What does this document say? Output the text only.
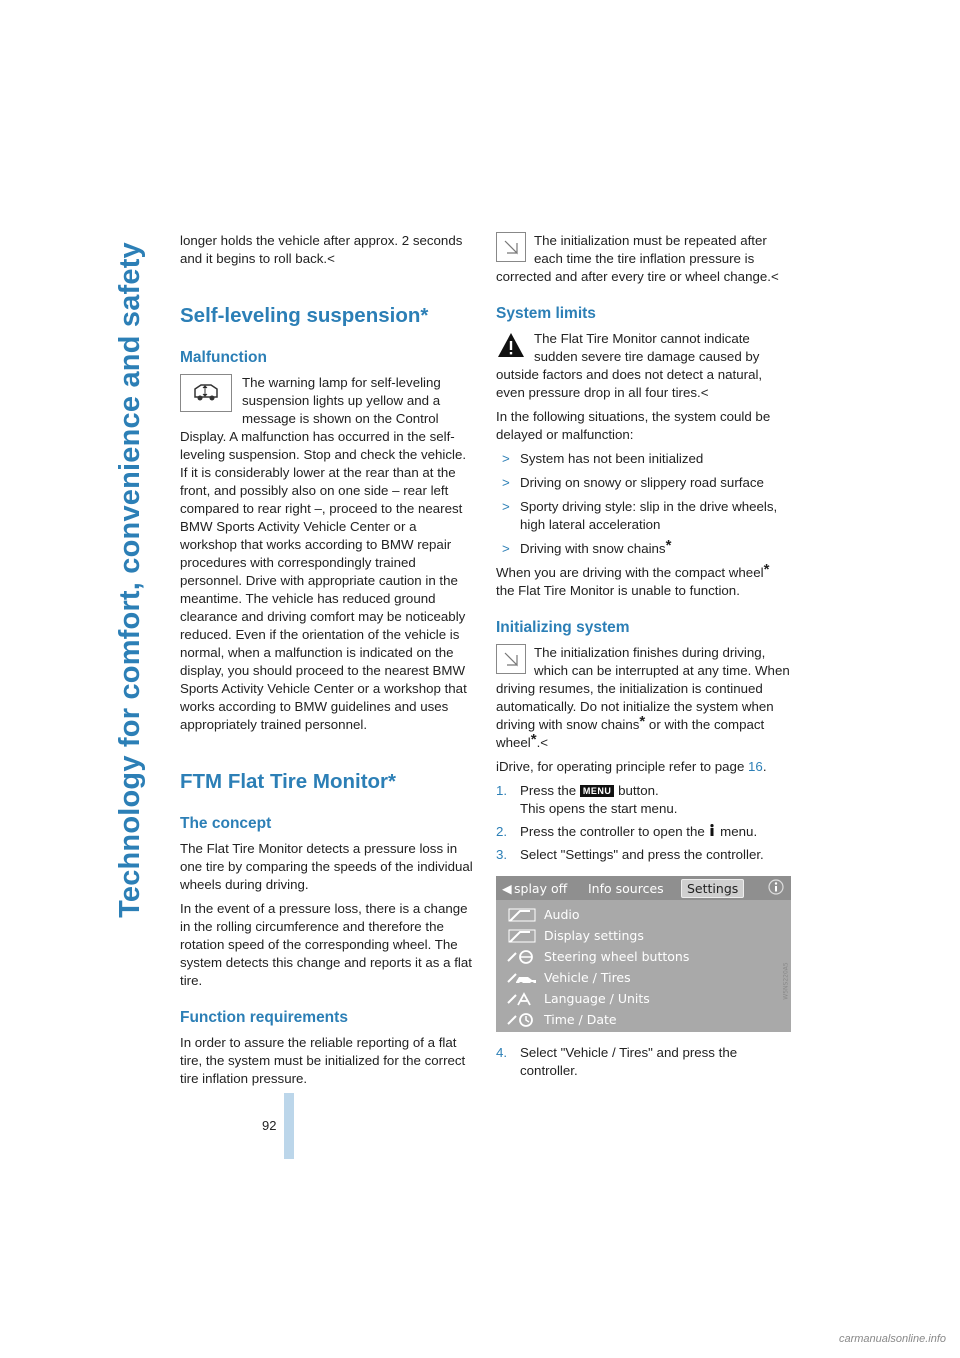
Technology for comfort, convenience and safety
92

longer holds the vehicle after approx. 2 seconds and it begins to roll back.<

Self-leveling suspension*
Malfunction

The warning lamp for self-leveling suspension lights up yellow and a message is shown on the Control Display. A malfunction has occurred in the self-leveling suspension. Stop and check the vehicle. If it is considerably lower at the rear than at the front, and possibly also on one side – rear left compared to rear right –, proceed to the nearest BMW Sports Activity Vehicle Center or a workshop that works according to BMW repair procedures with correspondingly trained personnel. Drive with appropriate caution in the meantime. The vehicle has reduced ground clearance and driving comfort may be noticeably reduced. Even if the orientation of the vehicle is normal, when a malfunction is indicated on the display, you should proceed to the nearest BMW Sports Activity Vehicle Center or a workshop that works according to BMW guidelines and uses appropriately trained personnel.

FTM Flat Tire Monitor*
The concept

The Flat Tire Monitor detects a pressure loss in one tire by comparing the speeds of the individual wheels during driving.

In the event of a pressure loss, there is a change in the rolling circumference and therefore the rotation speed of the corresponding wheel. The system detects this change and reports it as a flat tire.

Function requirements

In order to assure the reliable reporting of a flat tire, the system must be initialized for the correct tire inflation pressure.

The initialization must be repeated after each time the tire inflation pressure is corrected and after every tire or wheel change.<

System limits

The Flat Tire Monitor cannot indicate sudden severe tire damage caused by outside factors and does not detect a natural, even pressure drop in all four tires.<

In the following situations, the system could be delayed or malfunction:

> System has not been initialized
> Driving on snowy or slippery road surface
> Sporty driving style: slip in the drive wheels, high lateral acceleration
> Driving with snow chains*

When you are driving with the compact wheel* the Flat Tire Monitor is unable to function.

Initializing system

The initialization finishes during driving, which can be interrupted at any time. When driving resumes, the initialization is continued automatically. Do not initialize the system when driving with snow chains* or with the compact wheel*.<

iDrive, for operating principle refer to page 16.

1. Press the MENU button.
This opens the start menu.
2. Press the controller to open the  menu.
3. Select "Settings" and press the controller.
◀ splay off Info sources	Settings
Audio
Display settings
Steering wheel buttons
Vehicle / Tires
Language / Units
Time / Date
W5NS220A5
4. Select "Vehicle / Tires" and press the controller.
carmanualsonline.info
